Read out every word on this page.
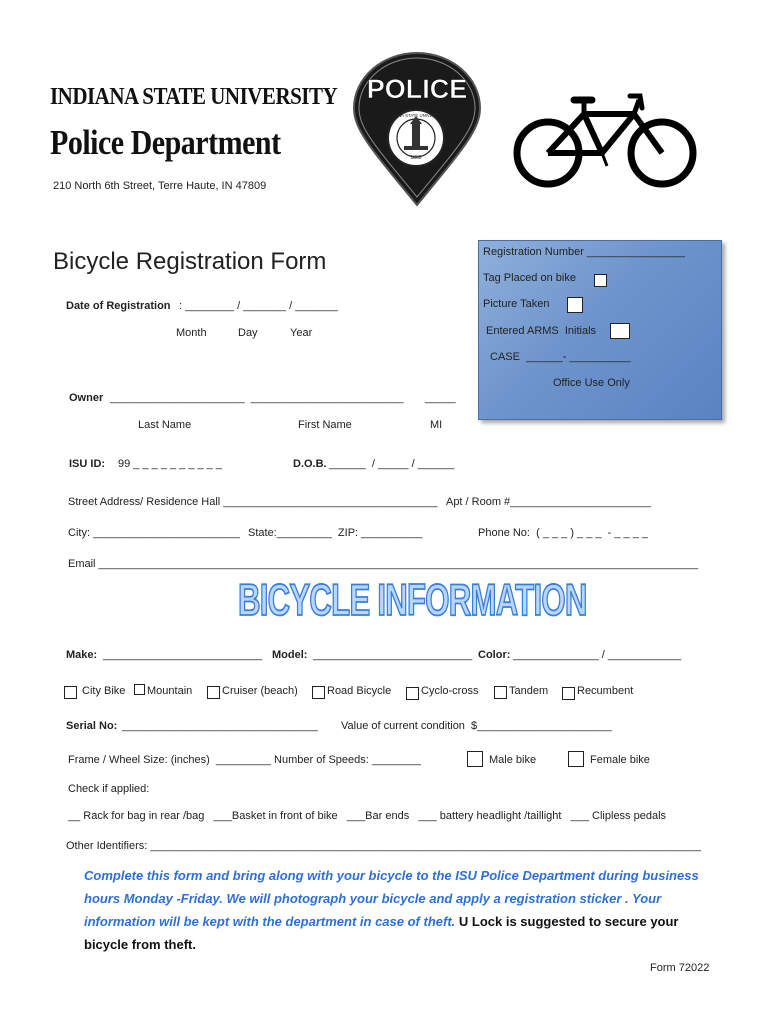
INDIANA STATE UNIVERSITY
Police Department
210 North 6th Street, Terre Haute, IN 47809
POLICE
1865
INDIANA STATE UNIVERSITY
Bicycle Registration Form	Registration Number ________________
Tag Placed on bike
Picture Taken
Entered ARMS  Initials
CASE  ______- __________
Office Use Only
Date of Registration : ________ / _______ / _______
Month	Day	Year
Owner ______________________  _________________________       _____
Last Name	First Name	MI
ISU ID: 99 _ _ _ _ _ _ _ _ _ _	D.O.B. ______  / _____ / ______
Street Address/ Residence Hall ___________________________________   Apt / Room #_______________________
City: ________________________ State:_________  ZIP: __________	Phone No:  ( _ _ _ ) _ _ _  - _ _ _ _
Email __________________________________________________________________________________________________
BICYCLE INFORMATION
Make: __________________________ Model: __________________________ Color: ______________ / ____________
City Bike Mountain	Cruiser (beach)	Road Bicycle	Cyclo-cross	Tandem	Recumbent
Serial No: ________________________________ Value of current condition  $______________________
Frame / Wheel Size: (inches)  _________ Number of Speeds: ________	Male bike	Female bike
Check if applied:
__ Rack for bag in rear /bag   ___Basket in front of bike   ___Bar ends   ___ battery headlight /taillight   ___ Clipless pedals
Other Identifiers: __________________________________________________________________________________________
Complete this form and bring along with your bicycle to the ISU Police Department during business
hours Monday -Friday. We will photograph your bicycle and apply a registration sticker . Your
information will be kept with the department in case of theft. U Lock is suggested to secure your
bicycle from theft.
Form 72022
